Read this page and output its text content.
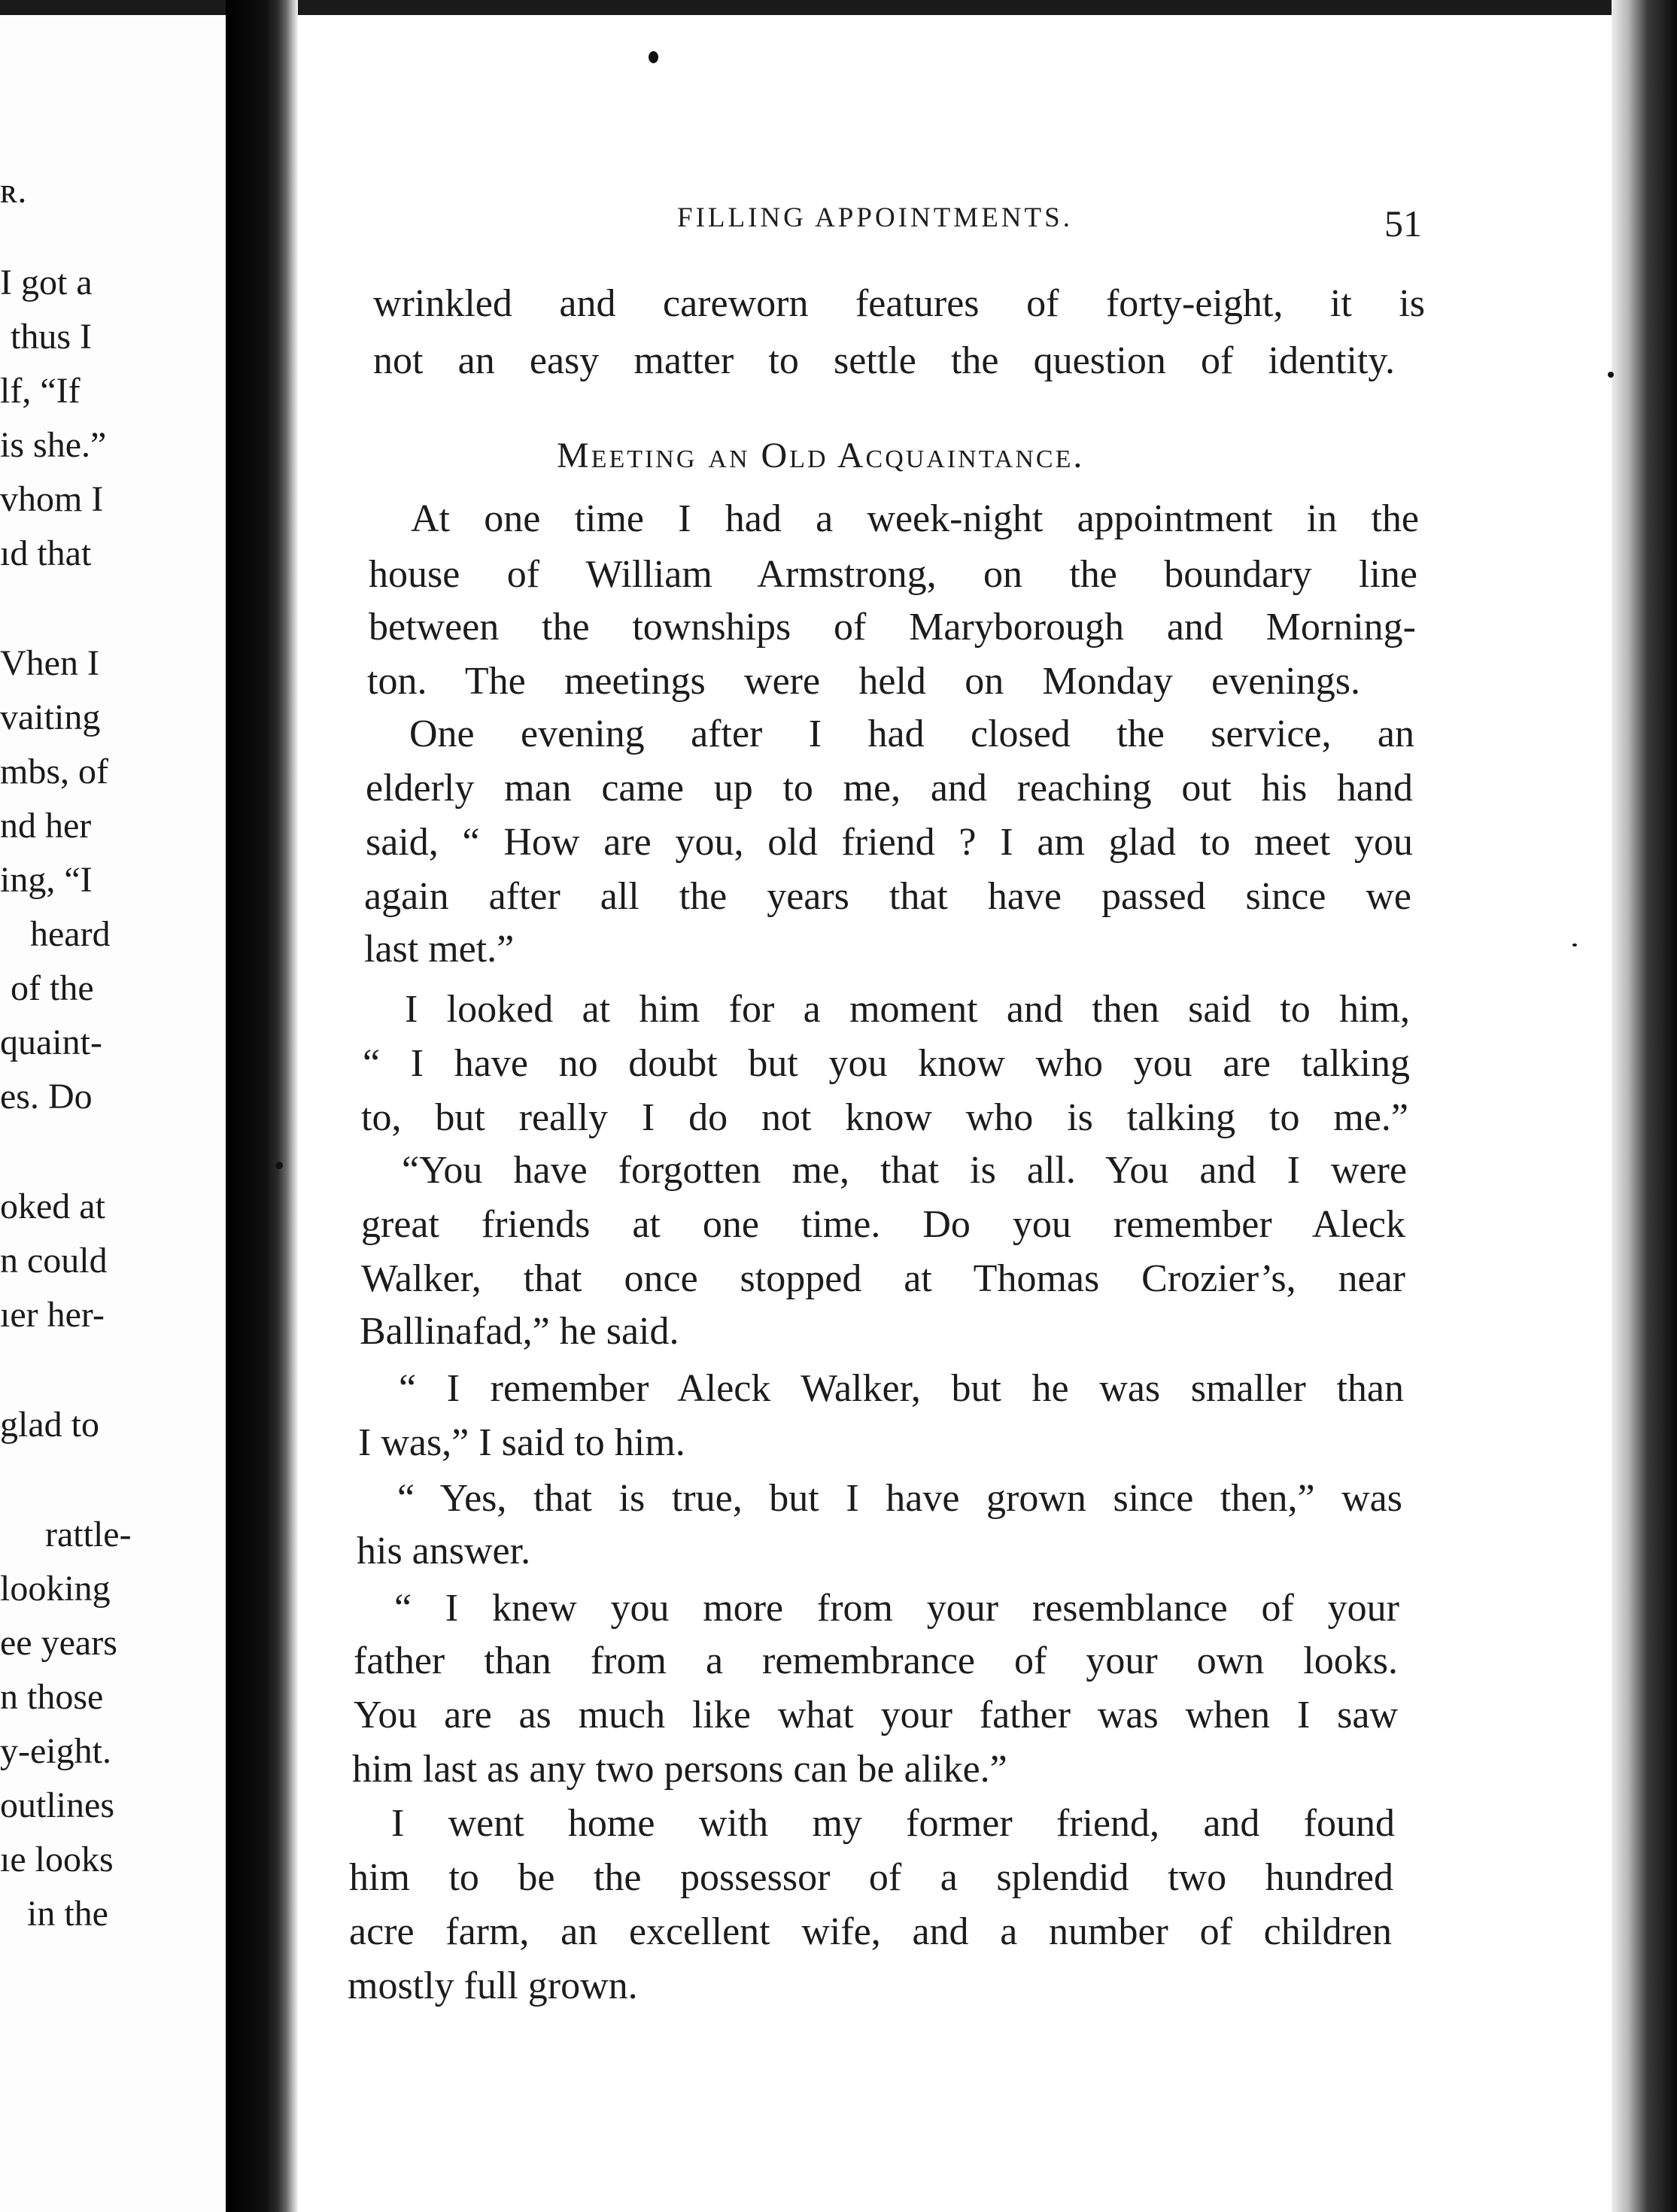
ʀ.
I got a
thus I
lf, “If
is she.”
vhom I
ıd that
Vhen I
vaiting
mbs, of
nd her
ing, “I
heard
of the
quaint-
es. Do
oked at
n could
ıer her-
glad to
rattle-
looking
ee years
n those
y-eight.
outlines
ıe looks
in the
FILLING APPOINTMENTS.	51
wrinkled and careworn features of forty-eight, it is
not an easy matter to settle the question of identity.
Meeting an Old Acquaintance.
At one time I had a week-night appointment in the
house of William Armstrong, on the boundary line
between the townships of Maryborough and Morning-
ton. The meetings were held on Monday evenings.
One evening after I had closed the service, an
elderly man came up to me, and reaching out his hand
said, “ How are you, old friend ? I am glad to meet you
again after all the years that have passed since we
last met.”
I looked at him for a moment and then said to him,
“ I have no doubt but you know who you are talking
to, but really I do not know who is talking to me.”
“You have forgotten me, that is all. You and I were
great friends at one time. Do you remember Aleck
Walker, that once stopped at Thomas Crozier’s, near
Ballinafad,” he said.
“ I remember Aleck Walker, but he was smaller than
I was,” I said to him.
“ Yes, that is true, but I have grown since then,” was
his answer.
“ I knew you more from your resemblance of your
father than from a remembrance of your own looks.
You are as much like what your father was when I saw
him last as any two persons can be alike.”
I went home with my former friend, and found
him to be the possessor of a splendid two hundred
acre farm, an excellent wife, and a number of children
mostly full grown.
